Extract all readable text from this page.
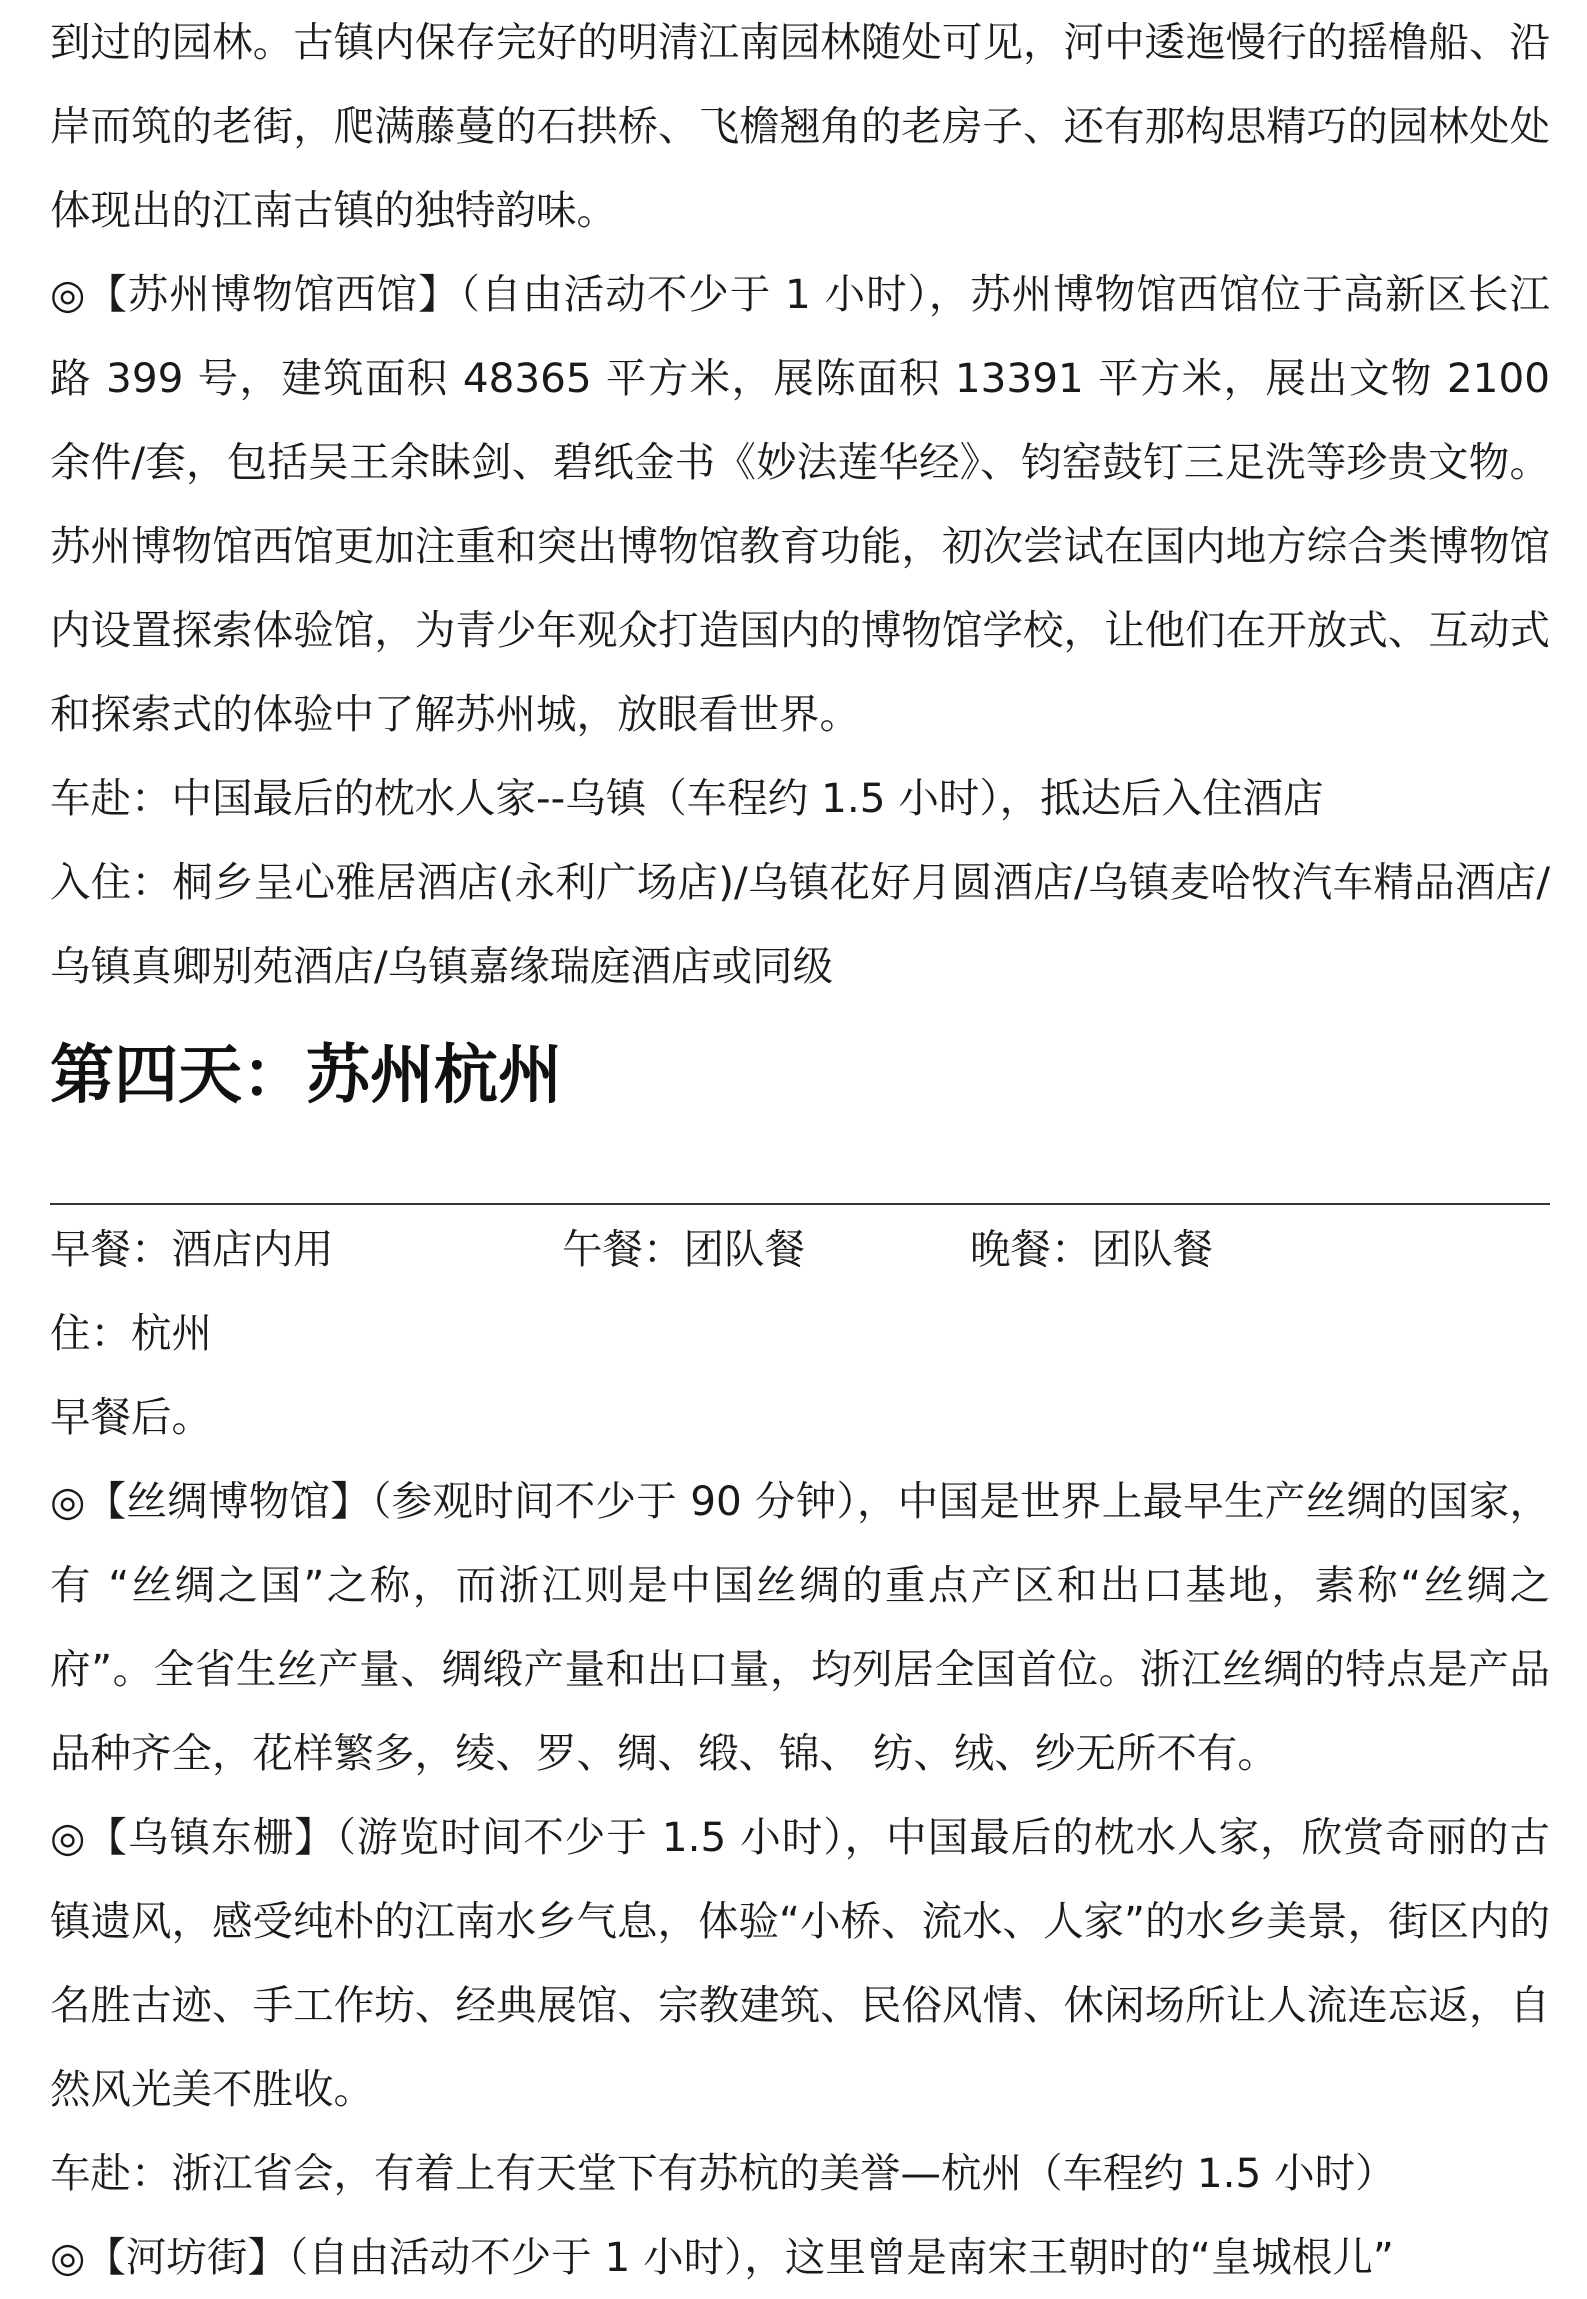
到过的园林。古镇内保存完好的明清江南园林随处可见，河中逶迤慢行的摇橹船、沿岸而筑的老街，爬满藤蔓的石拱桥、飞檐翘角的老房子、还有那构思精巧的园林处处体现出的江南古镇的独特韵味。

◎【苏州博物馆西馆】（自由活动不少于 1 小时），苏州博物馆西馆位于高新区长江路 399 号，建筑面积 48365 平方米，展陈面积 13391 平方米，展出文物 2100 余件/套，包括吴王余眛剑、碧纸金书《妙法莲华经》、钧窑鼓钉三足洗等珍贵文物。苏州博物馆西馆更加注重和突出博物馆教育功能，初次尝试在国内地方综合类博物馆内设置探索体验馆，为青少年观众打造国内的博物馆学校，让他们在开放式、互动式和探索式的体验中了解苏州城，放眼看世界。

车赴：中国最后的枕水人家--乌镇（车程约 1.5 小时），抵达后入住酒店

入住：桐乡呈心雅居酒店(永利广场店)/乌镇花好月圆酒店/乌镇麦哈牧汽车精品酒店/乌镇真卿别苑酒店/乌镇嘉缘瑞庭酒店或同级

第四天：苏州杭州
早餐：酒店内用	午餐：团队餐	晚餐：团队餐

住：杭州

早餐后。

◎【丝绸博物馆】（参观时间不少于 90 分钟），中国是世界上最早生产丝绸的国家，有 “丝绸之国”之称，而浙江则是中国丝绸的重点产区和出口基地，素称“丝绸之府”。全省生丝产量、绸缎产量和出口量，均列居全国首位。浙江丝绸的特点是产品品种齐全，花样繁多，绫、罗、绸、缎、锦、 纺、绒、纱无所不有。

◎【乌镇东栅】（游览时间不少于 1.5 小时），中国最后的枕水人家，欣赏奇丽的古镇遗风，感受纯朴的江南水乡气息，体验“小桥、流水、人家”的水乡美景，街区内的名胜古迹、手工作坊、经典展馆、宗教建筑、民俗风情、休闲场所让人流连忘返，自然风光美不胜收。

车赴：浙江省会，有着上有天堂下有苏杭的美誉—杭州（车程约 1.5 小时）

◎【河坊街】（自由活动不少于 1 小时），这里曾是南宋王朝时的“皇城根儿”
